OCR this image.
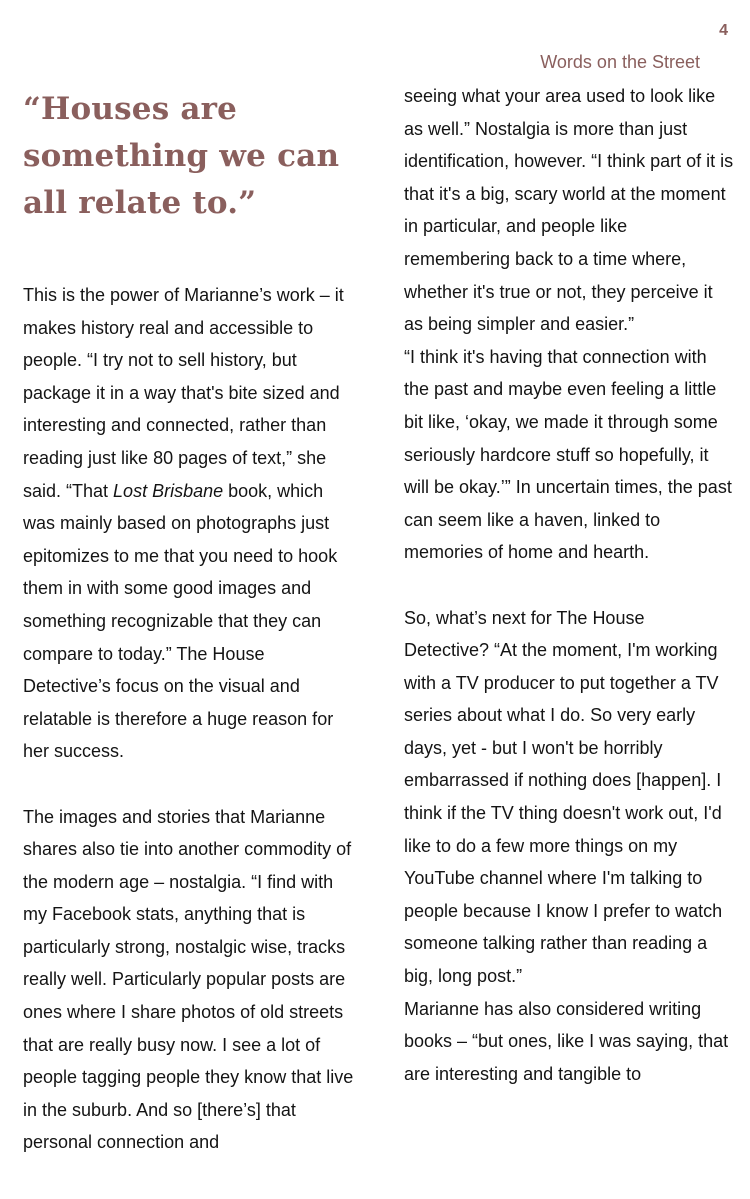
4
Words on the Street
“Houses are something we can all relate to.”

This is the power of Marianne’s work – it makes history real and accessible to people. “I try not to sell history, but package it in a way that's bite sized and interesting and connected, rather than reading just like 80 pages of text,” she said. “That Lost Brisbane book, which was mainly based on photographs just epitomizes to me that you need to hook them in with some good images and something recognizable that they can compare to today.” The House Detective’s focus on the visual and relatable is therefore a huge reason for her success.

The images and stories that Marianne shares also tie into another commodity of the modern age – nostalgia. “I find with my Facebook stats, anything that is particularly strong, nostalgic wise, tracks really well. Particularly popular posts are ones where I share photos of old streets that are really busy now. I see a lot of people tagging people they know that live in the suburb. And so [there’s] that personal connection and

seeing what your area used to look like as well.” Nostalgia is more than just identification, however. “I think part of it is that it's a big, scary world at the moment in particular, and people like remembering back to a time where, whether it's true or not, they perceive it as being simpler and easier.”

“I think it's having that connection with the past and maybe even feeling a little bit like, ‘okay, we made it through some seriously hardcore stuff so hopefully, it will be okay.’” In uncertain times, the past can seem like a haven, linked to memories of home and hearth.

So, what’s next for The House Detective? “At the moment, I'm working with a TV producer to put together a TV series about what I do. So very early days, yet - but I won't be horribly embarrassed if nothing does [happen]. I think if the TV thing doesn't work out, I'd like to do a few more things on my YouTube channel where I'm talking to people because I know I prefer to watch someone talking rather than reading a big, long post.”

Marianne has also considered writing books – “but ones, like I was saying, that are interesting and tangible to
